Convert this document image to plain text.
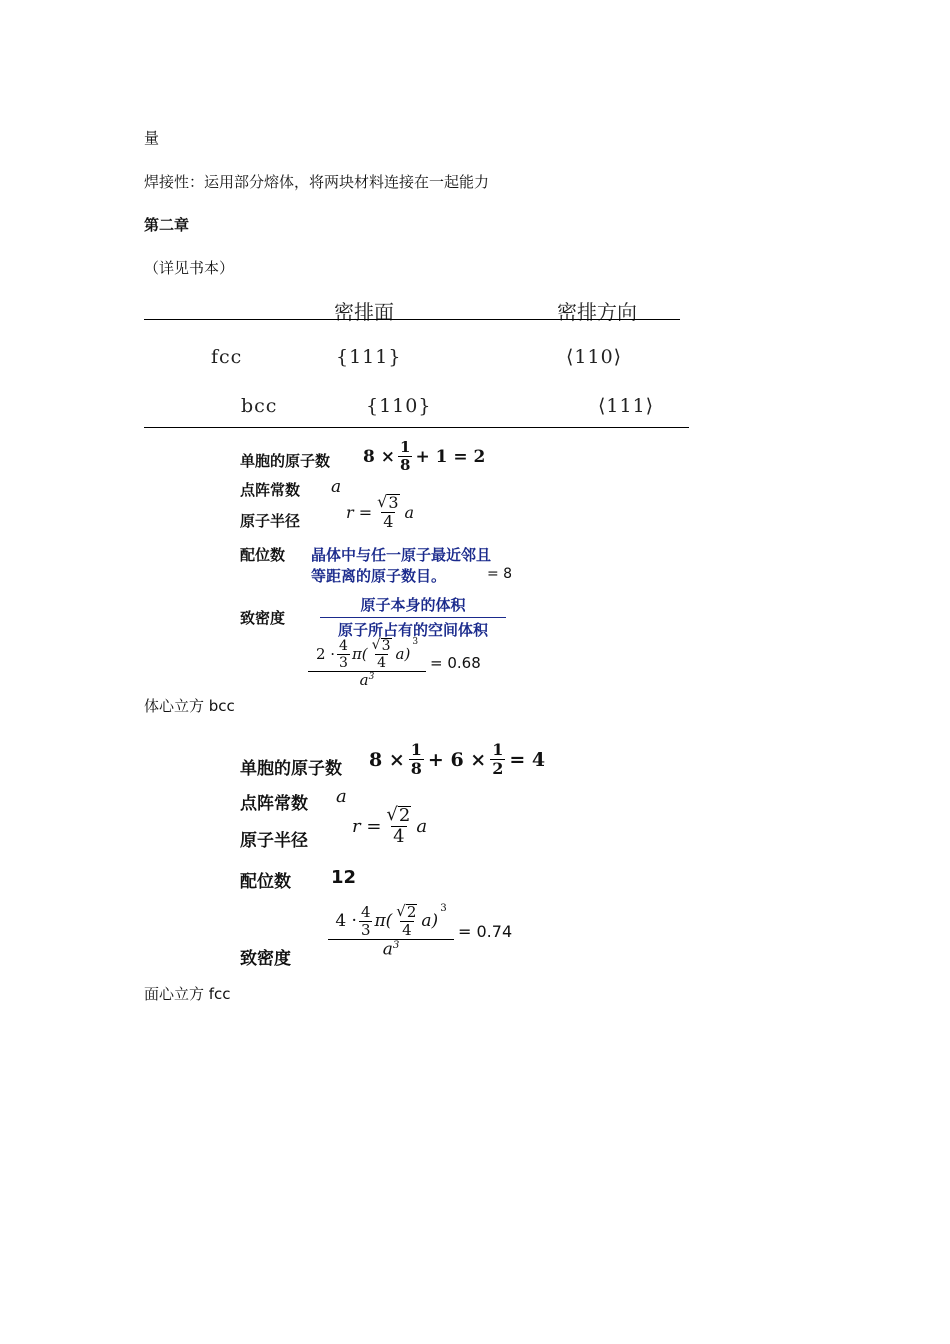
量
焊接性：运用部分熔体，将两块材料连接在一起能力
第二章
（详见书本）
密排面	密排方向
fcc	{111}	⟨110⟩
bcc	{110}	⟨111⟩
单胞的原子数 $8 \times \frac{1}{8} + 1 = 2$
点阵常数 a
原子半径	$r = \frac{√ 3}{4}$ a
配位数 晶体中与任一原子最近邻且
等距离的原子数目。	= 8
致密度
原子本身的体积
原子所占有的空间体积
$2 \cdot \frac{4}{3} \pi( \frac{√ 3}{4} a)$
$^3$
$a^3$
= 0.68
体心立方 bcc
单胞的原子数 $8 \times \frac{1}{8} + 6 \times \frac{1}{2} = 4$
点阵常数 a
原子半径
$r = \frac{√ 2}{4}$ a
配位数 12
致密度
$4 \cdot \frac{4}{3} \pi( \frac{√ 2}{4} a)$
$^3$
$a^3$
= 0.74
面心立方 fcc
